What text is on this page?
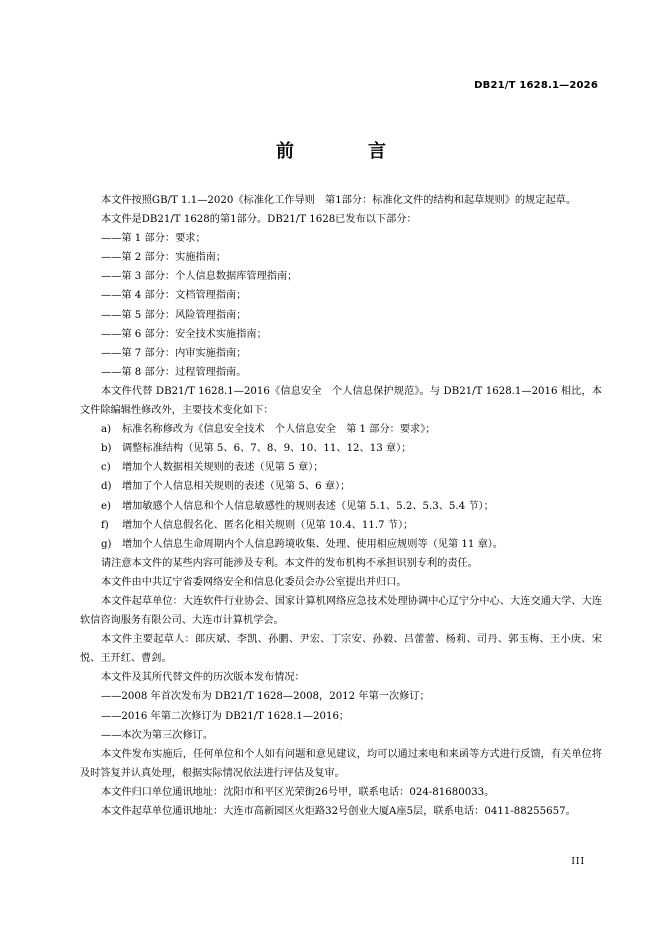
DB21/T 1628.1—2026
前　言

本文件按照GB/T 1.1—2020《标准化工作导则　第1部分：标准化文件的结构和起草规则》的规定起草。

本文件是DB21/T 1628的第1部分。DB21/T 1628已发布以下部分：

——第 1 部分：要求；

——第 2 部分：实施指南；

——第 3 部分：个人信息数据库管理指南；

——第 4 部分：文档管理指南；

——第 5 部分：风险管理指南；

——第 6 部分：安全技术实施指南；

——第 7 部分：内审实施指南；

——第 8 部分：过程管理指南。

本文件代替 DB21/T 1628.1—2016《信息安全　个人信息保护规范》。与 DB21/T 1628.1—2016 相比，本文件除编辑性修改外，主要技术变化如下：

a) 标准名称修改为《信息安全技术　个人信息安全　第 1 部分：要求》；

b) 调整标准结构（见第 5、6、7、8、9、10、11、12、13 章）；

c) 增加个人数据相关规则的表述（见第 5 章）；

d) 增加了个人信息相关规则的表述（见第 5、6 章）；

e) 增加敏感个人信息和个人信息敏感性的规则表述（见第 5.1、5.2、5.3、5.4 节）；

f) 增加个人信息假名化、匿名化相关规则（见第 10.4、11.7 节）；

g) 增加个人信息生命周期内个人信息跨境收集、处理、使用相应规则等（见第 11 章）。

请注意本文件的某些内容可能涉及专利。本文件的发布机构不承担识别专利的责任。

本文件由中共辽宁省委网络安全和信息化委员会办公室提出并归口。

本文件起草单位：大连软件行业协会、国家计算机网络应急技术处理协调中心辽宁分中心、大连交通大学、大连软信咨询服务有限公司、大连市计算机学会。

本文件主要起草人：郎庆斌、李凯、孙鹏、尹宏、丁宗安、孙毅、吕蕾蕾、杨莉、司丹、郭玉梅、王小庚、宋悦、王开红、曹剑。

本文件及其所代替文件的历次版本发布情况：

——2008 年首次发布为 DB21/T 1628—2008，2012 年第一次修订；

——2016 年第二次修订为 DB21/T 1628.1—2016；

——本次为第三次修订。

本文件发布实施后，任何单位和个人如有问题和意见建议，均可以通过来电和来函等方式进行反馈，有关单位将及时答复并认真处理，根据实际情况依法进行评估及复审。

本文件归口单位通讯地址：沈阳市和平区光荣街26号甲，联系电话：024-81680033。

本文件起草单位通讯地址：大连市高新园区火炬路32号创业大厦A座5层，联系电话：0411-88255657。

III
